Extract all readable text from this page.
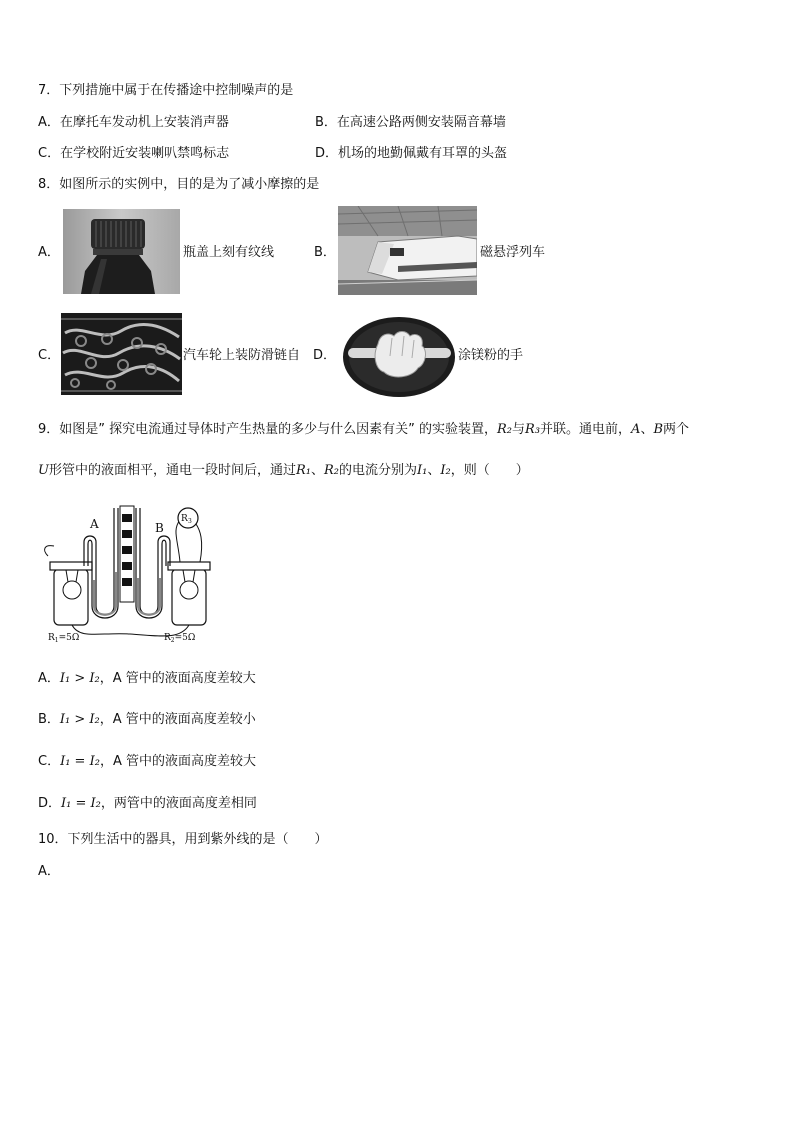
7．下列措施中属于在传播途中控制噪声的是
A．在摩托车发动机上安装消声器	B．在高速公路两侧安装隔音幕墙
C．在学校附近安装喇叭禁鸣标志	D．机场的地勤佩戴有耳罩的头盔
8．如图所示的实例中，目的是为了减小摩擦的是
A．	瓶盖上刻有纹线	B．	磁悬浮列车
C．	汽车轮上装防滑链自 D．	涂镁粉的手
9．如图是” 探究电流通过导体时产生热量的多少与什么因素有关” 的实验装置，R₂与R₃并联。通电前，A、B两个
U形管中的液面相平，通电一段时间后，通过R₁、R₂的电流分别为I₁、I₂，则（　　）
R 3
A	B
$R_1=5\Omega$	$R_2=5\Omega$
A．I₁ > I₂，A 管中的液面高度差较大
B．I₁ > I₂，A 管中的液面高度差较小
C．I₁ = I₂，A 管中的液面高度差较大
D．I₁ = I₂，两管中的液面高度差相同
10．下列生活中的器具，用到紫外线的是（　　）
A．
